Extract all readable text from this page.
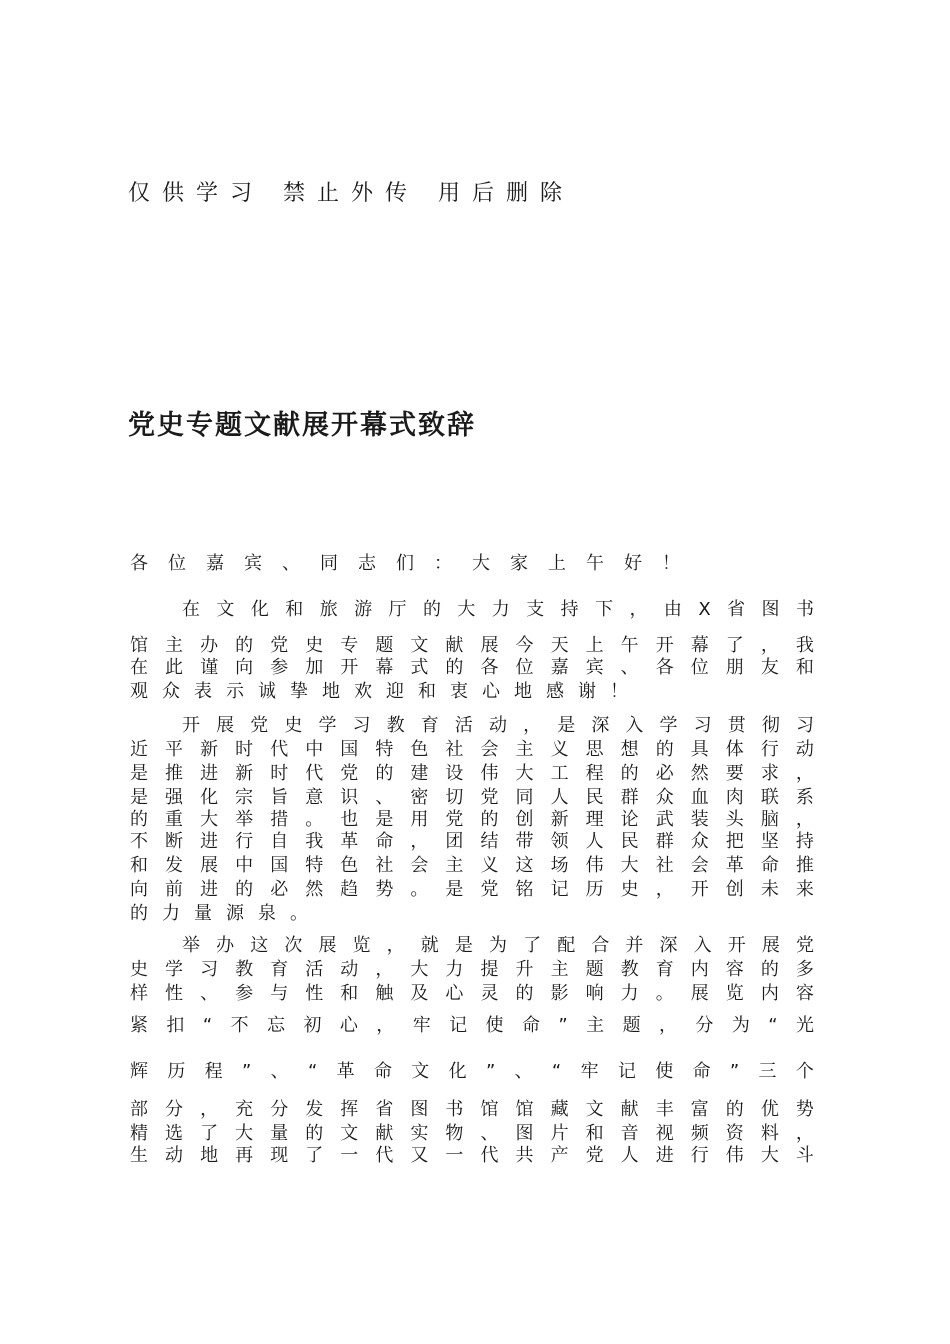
仅供学习 禁止外传 用后删除
党史专题文献展开幕式致辞
各 位 嘉 宾 、 同 志 们 ： 大 家 上 午 好 ！
在 文 化 和 旅 游 厅 的 大 力 支 持 下 ， 由 X 省 图 书
馆 主 办 的 党 史 专 题 文 献 展 今 天 上 午 开 幕 了 ， 我
在 此 谨 向 参 加 开 幕 式 的 各 位 嘉 宾 、 各 位 朋 友 和
观 众 表 示 诚 挚 地 欢 迎 和 衷 心 地 感 谢 ！
开 展 党 史 学 习 教 育 活 动 ， 是 深 入 学 习 贯 彻 习
近 平 新 时 代 中 国 特 色 社 会 主 义 思 想 的 具 体 行 动
是 推 进 新 时 代 党 的 建 设 伟 大 工 程 的 必 然 要 求 ，
是 强 化 宗 旨 意 识 、 密 切 党 同 人 民 群 众 血 肉 联 系
的 重 大 举 措 。 也 是 用 党 的 创 新 理 论 武 装 头 脑 ，
不 断 进 行 自 我 革 命 ， 团 结 带 领 人 民 群 众 把 坚 持
和 发 展 中 国 特 色 社 会 主 义 这 场 伟 大 社 会 革 命 推
向 前 进 的 必 然 趋 势 。 是 党 铭 记 历 史 ， 开 创 未 来
的 力 量 源 泉 。
举 办 这 次 展 览 ， 就 是 为 了 配 合 并 深 入 开 展 党
史 学 习 教 育 活 动 ， 大 力 提 升 主 题 教 育 内 容 的 多
样 性 、 参 与 性 和 触 及 心 灵 的 影 响 力 。 展 览 内 容
紧 扣 “ 不 忘 初 心 ， 牢 记 使 命 ” 主 题 ， 分 为 “ 光
辉 历 程 ” 、 “ 革 命 文 化 ” 、 “ 牢 记 使 命 ” 三 个
部 分 ， 充 分 发 挥 省 图 书 馆 馆 藏 文 献 丰 富 的 优 势
精 选 了 大 量 的 文 献 实 物 、 图 片 和 音 视 频 资 料 ，
生 动 地 再 现 了 一 代 又 一 代 共 产 党 人 进 行 伟 大 斗
